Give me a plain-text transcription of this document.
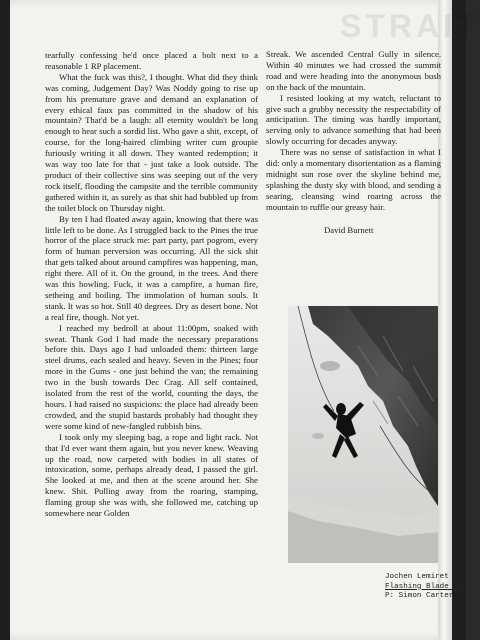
STRAIT

tearfully confessing he'd once placed a bolt next to a reasonable 1 RP placement.

What the fuck was this?, I thought. What did they think was coming, Judgement Day? Was Noddy going to rise up from his premature grave and demand an explanation of every ethical faux pas committed in the shadow of his mountain? That'd be a laugh: all eternity wouldn't be long enough to hear such a sordid list. Who gave a shit, except, of course, for the long-haired climbing writer cum groupie furiously writing it all down. They wanted redemption; it was way too late for that - just take a look outside. The product of their collective sins was seeping out of the very rock itself, flooding the campsite and the terrible community gathered within it, as surely as that shit had bubbled up from the toilet block on Thursday night.

By ten I had floated away again, knowing that there was little left to be done. As I struggled back to the Pines the true horror of the place struck me: part party, part pogrom, every form of human perversion was occurring. All the sick shit that gets talked about around campfires was happening, man, right there. All of it. On the ground, in the trees. And there was this howling. Fuck, it was a campfire, a human fire, setheing and boiling. The immolation of human souls. It stank. It was so hot. Still 40 degrees. Dry as desert bone. Not a real fire, though. Not yet.

I reached my bedroll at about 11:00pm, soaked with sweat. Thank God I had made the necessary preparations before this. Days ago I had unloaded them: thirteen large steel drums, each sealed and heavy. Seven in the Pines; four more in the Gums - one just behind the van; the remaining two in the bush towards Dec Crag. All self contained, isolated from the rest of the world, counting the days, the hours. I had raised no suspicions: the place had already been crowded, and the stupid bastards probably had thought they were some kind of new-fangled rubbish bins.

I took only my sleeping bag, a rope and light rack. Not that I'd ever want them again, but you never knew. Weaving up the road, now carpeted with bodies in all states of intoxication, some, perhaps already dead, I passed the girl. She looked at me, and then at the scene around her. She knew. Shit. Pulling away from the roaring, stamping, flaming group she was with, she followed me, catching up somewhere near Golden

Streak. We ascended Central Gully in silence. Within 40 minutes we had crossed the summit road and were heading into the anonymous bush on the back of the mountain.

I resisted looking at my watch, reluctant to give such a grubby necessity the respectability of anticipation. The timing was hardly important, serving only to advance something that had been slowly occurring for decades anyway.

There was no sense of satisfaction in what I did: only a momentary disorientation as a flaming midnight sun rose over the skyline behind me, splashing the dusty sky with blood, and sending a searing, cleansing wind roaring across the mountain to ruffle our greasy hair.

David Burnett

Jochen Lemiret on
Flashing Blade 25
P: Simon Carter.
